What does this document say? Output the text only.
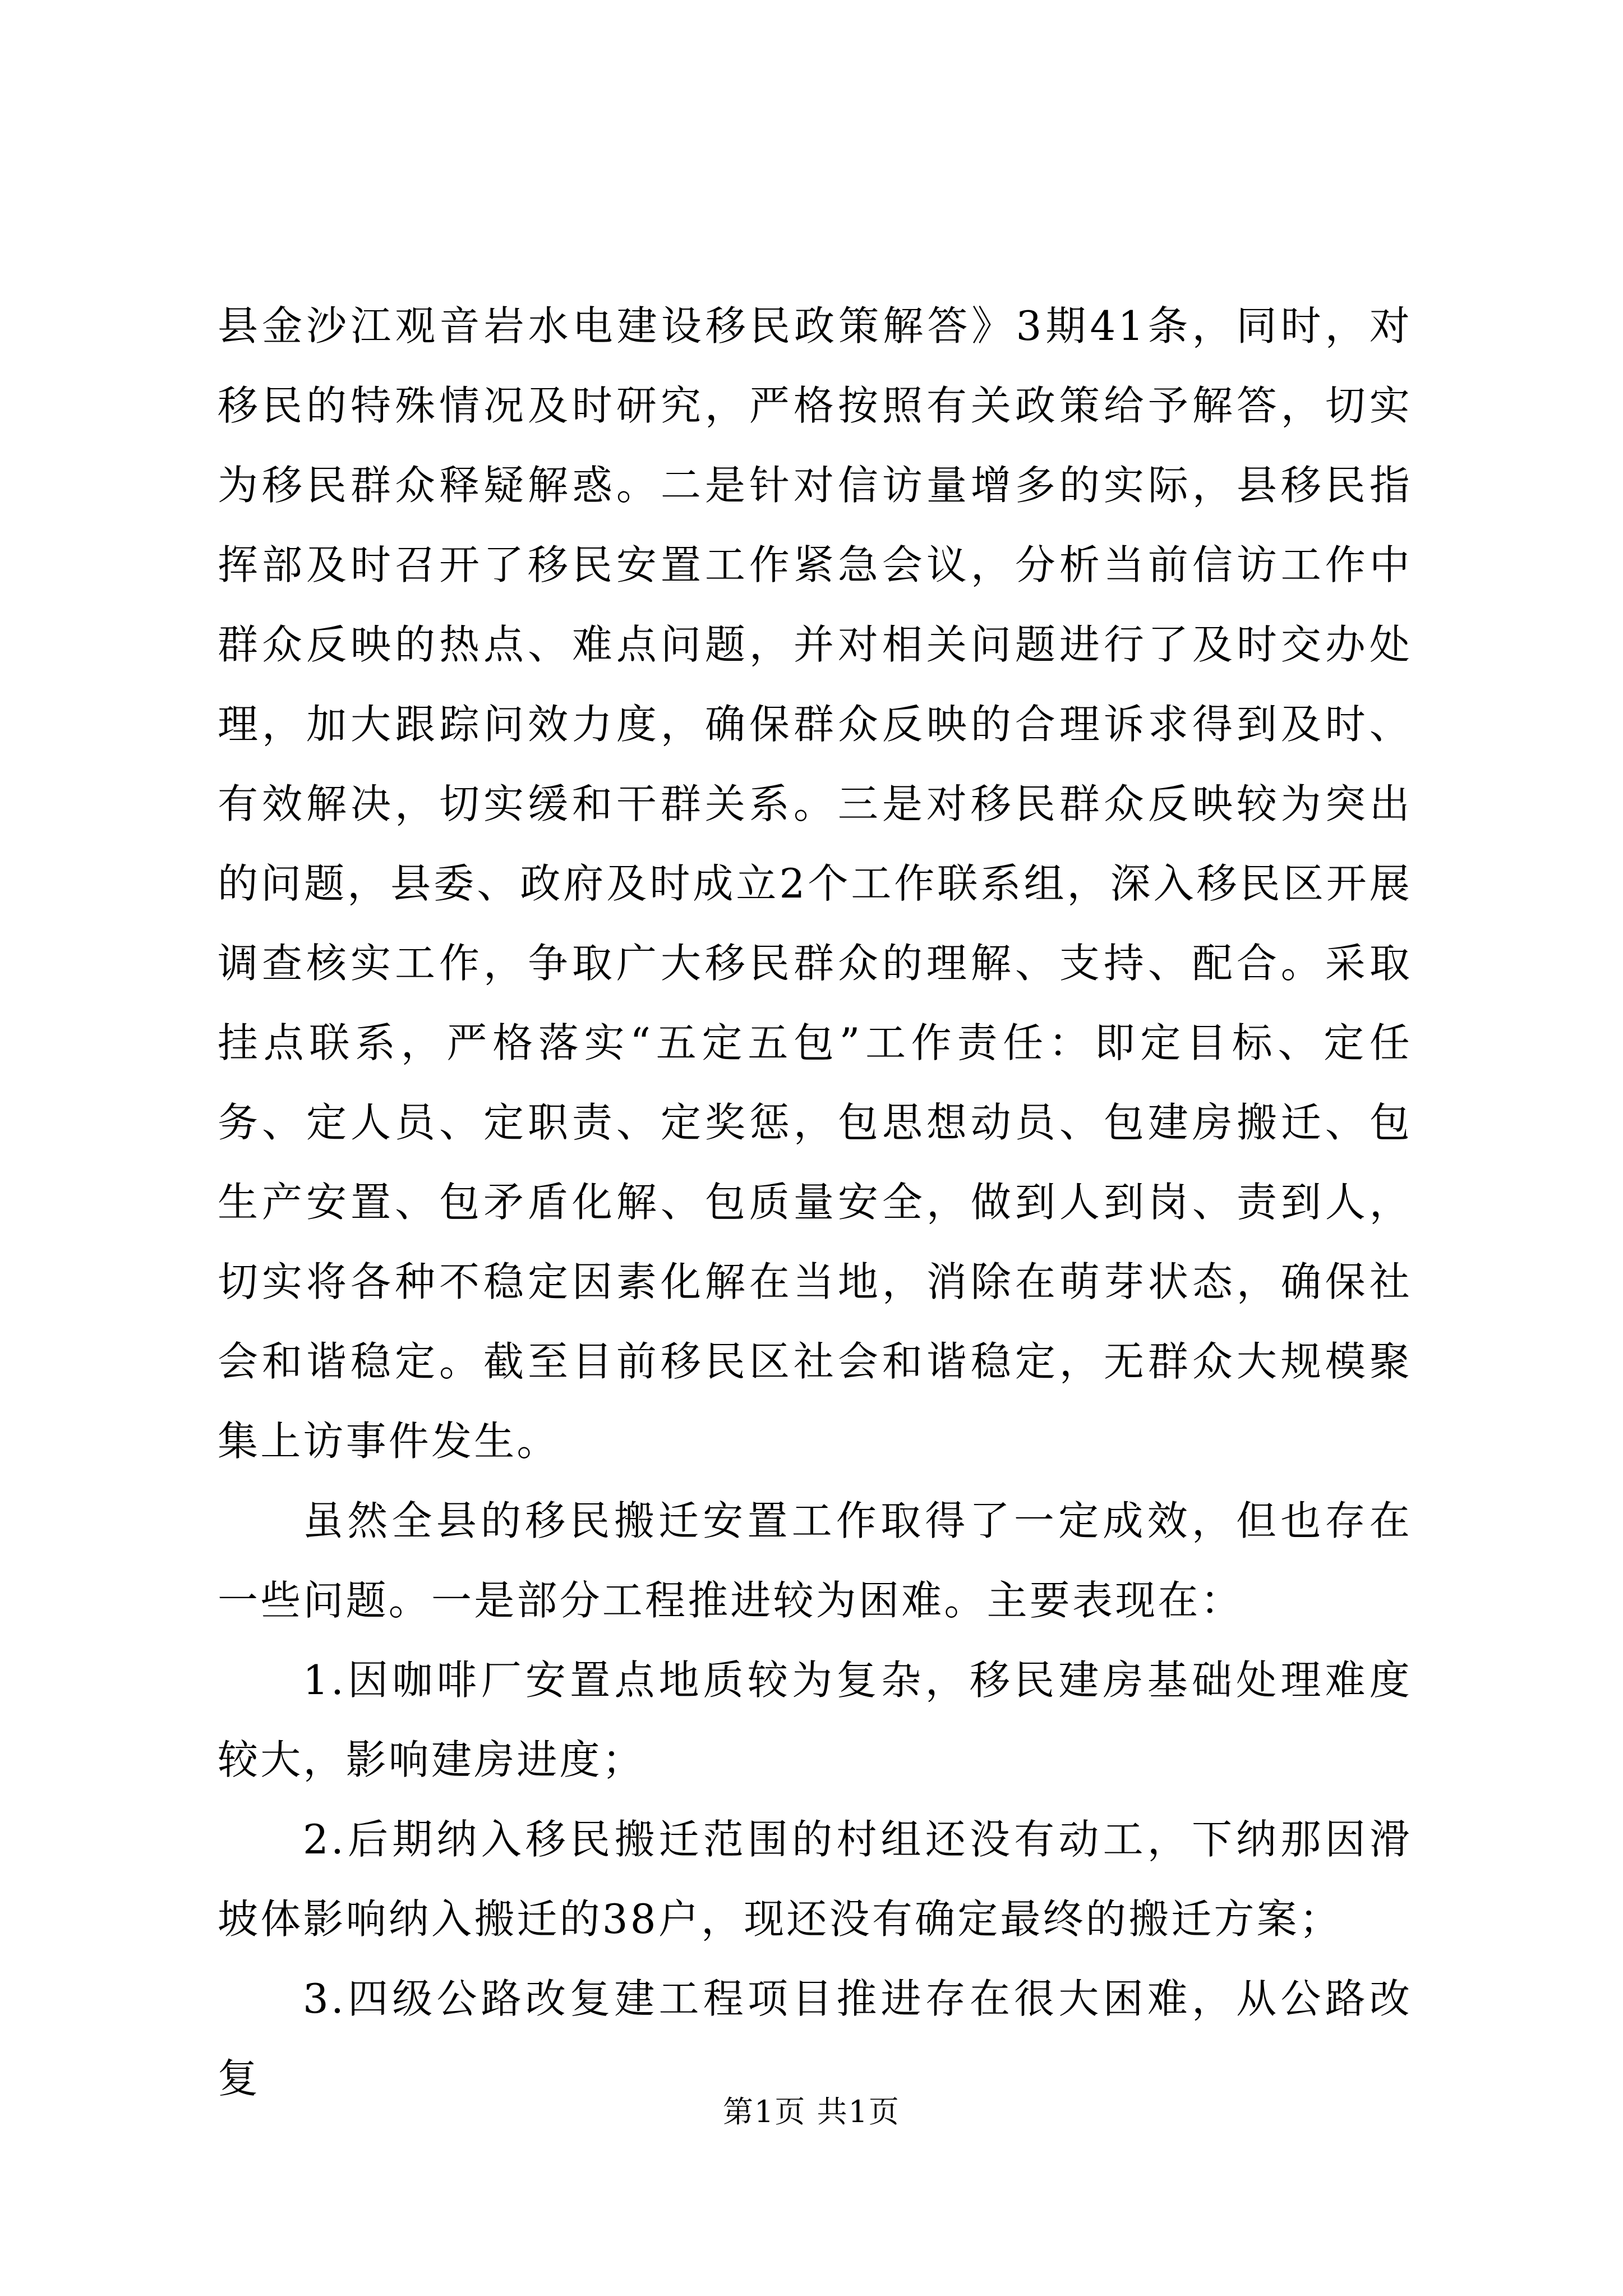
县金沙江观音岩水电建设移民政策解答》3期41条，同时，对移民的特殊情况及时研究，严格按照有关政策给予解答，切实为移民群众释疑解惑。二是针对信访量增多的实际，县移民指挥部及时召开了移民安置工作紧急会议，分析当前信访工作中群众反映的热点、难点问题，并对相关问题进行了及时交办处理，加大跟踪问效力度，确保群众反映的合理诉求得到及时、有效解决，切实缓和干群关系。三是对移民群众反映较为突出的问题，县委、政府及时成立2个工作联系组，深入移民区开展调查核实工作，争取广大移民群众的理解、支持、配合。采取挂点联系，严格落实“五定五包”工作责任：即定目标、定任务、定人员、定职责、定奖惩，包思想动员、包建房搬迁、包生产安置、包矛盾化解、包质量安全，做到人到岗、责到人，切实将各种不稳定因素化解在当地，消除在萌芽状态，确保社会和谐稳定。截至目前移民区社会和谐稳定，无群众大规模聚集上访事件发生。

虽然全县的移民搬迁安置工作取得了一定成效，但也存在一些问题。一是部分工程推进较为困难。主要表现在：

1.因咖啡厂安置点地质较为复杂，移民建房基础处理难度较大，影响建房进度；

2.后期纳入移民搬迁范围的村组还没有动工，下纳那因滑坡体影响纳入搬迁的38户，现还没有确定最终的搬迁方案；

3.四级公路改复建工程项目推进存在很大困难，从公路改复

第1页 共1页
